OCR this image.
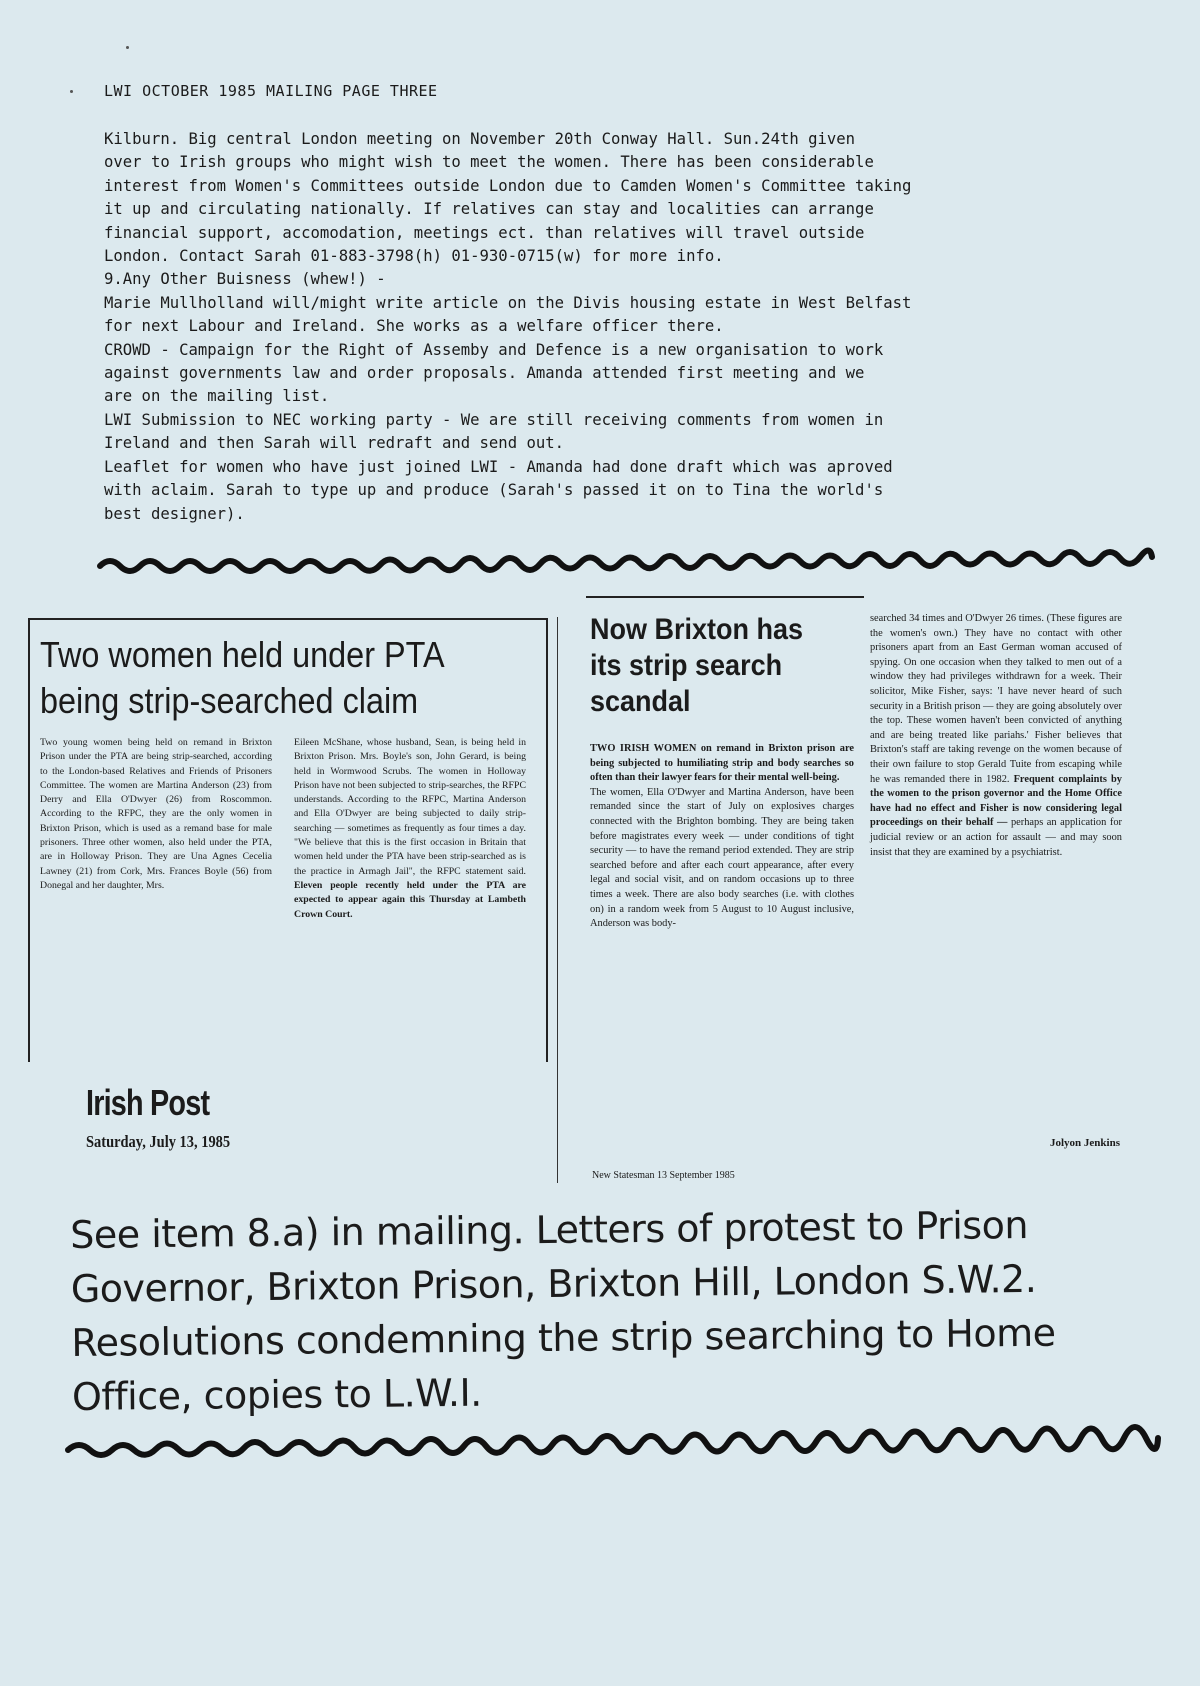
LWI OCTOBER 1985 MAILING PAGE THREE
Kilburn. Big central London meeting on November 20th Conway Hall. Sun.24th given
over to Irish groups who might wish to meet the women. There has been considerable
interest from Women's Committees outside London due to Camden Women's Committee taking
it up and circulating nationally. If relatives can stay and localities can arrange
financial support, accomodation, meetings ect. than relatives will travel outside
London. Contact Sarah 01-883-3798(h) 01-930-0715(w) for more info.
9.Any Other Buisness (whew!) -
Marie Mullholland will/might write article on the Divis housing estate in West Belfast
for next Labour and Ireland. She works as a welfare officer there.
CROWD - Campaign for the Right of Assemby and Defence is a new organisation to work
against governments law and order proposals. Amanda attended first meeting and we
are on the mailing list.
LWI Submission to NEC working party - We are still receiving comments from women in
Ireland and then Sarah will redraft and send out.
Leaflet for women who have just joined LWI - Amanda had done draft which was aproved
with aclaim. Sarah to type up and produce (Sarah's passed it on to Tina the world's
best designer).
Two women held under PTA being strip-searched claim
Two young women being held on remand in Brixton Prison under the PTA are being strip-searched, according to the London-based Relatives and Friends of Prisoners Committee. The women are Martina Anderson (23) from Derry and Ella O'Dwyer (26) from Roscommon. According to the RFPC, they are the only women in Brixton Prison, which is used as a remand base for male prisoners. Three other women, also held under the PTA, are in Holloway Prison. They are Una Agnes Cecelia Lawney (21) from Cork, Mrs. Frances Boyle (56) from Donegal and her daughter, Mrs.
Eileen McShane, whose husband, Sean, is being held in Brixton Prison. Mrs. Boyle's son, John Gerard, is being held in Wormwood Scrubs. The women in Holloway Prison have not been subjected to strip-searches, the RFPC understands. According to the RFPC, Martina Anderson and Ella O'Dwyer are being subjected to daily strip-searching — sometimes as frequently as four times a day. "We believe that this is the first occasion in Britain that women held under the PTA have been strip-searched as is the practice in Armagh Jail", the RFPC statement said. Eleven people recently held under the PTA are expected to appear again this Thursday at Lambeth Crown Court.
Irish Post
Saturday, July 13, 1985
Now Brixton has its strip search scandal
TWO IRISH WOMEN on remand in Brixton prison are being subjected to humiliating strip and body searches so often than their lawyer fears for their mental well-being.
The women, Ella O'Dwyer and Martina Anderson, have been remanded since the start of July on explosives charges connected with the Brighton bombing. They are being taken before magistrates every week — under conditions of tight security — to have the remand period extended. They are strip searched before and after each court appearance, after every legal and social visit, and on random occasions up to three times a week. There are also body searches (i.e. with clothes on) in a random week from 5 August to 10 August inclusive, Anderson was body-
searched 34 times and O'Dwyer 26 times. (These figures are the women's own.) They have no contact with other prisoners apart from an East German woman accused of spying. On one occasion when they talked to men out of a window they had privileges withdrawn for a week. Their solicitor, Mike Fisher, says: 'I have never heard of such security in a British prison — they are going absolutely over the top. These women haven't been convicted of anything and are being treated like pariahs.' Fisher believes that Brixton's staff are taking revenge on the women because of their own failure to stop Gerald Tuite from escaping while he was remanded there in 1982. Frequent complaints by the women to the prison governor and the Home Office have had no effect and Fisher is now considering legal proceedings on their behalf — perhaps an application for judicial review or an action for assault — and may soon insist that they are examined by a psychiatrist.
Jolyon Jenkins
New Statesman 13 September 1985
See item 8.a) in mailing. Letters of protest to Prison
Governor, Brixton Prison, Brixton Hill, London S.W.2.
Resolutions condemning the strip searching to Home
Office, copies to L.W.I.
